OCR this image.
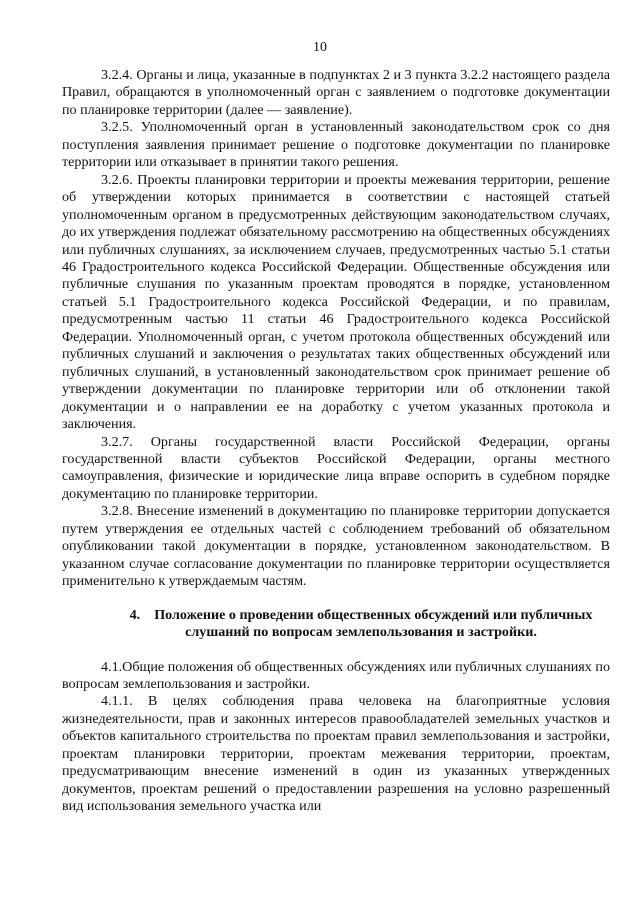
10

3.2.4. Органы и лица, указанные в подпунктах 2 и 3 пункта 3.2.2 настоящего раздела Правил, обращаются в уполномоченный орган с заявлением о подготовке документации по планировке территории (далее — заявление).

3.2.5. Уполномоченный орган в установленный законодательством срок со дня поступления заявления принимает решение о подготовке документации по планировке территории или отказывает в принятии такого решения.

3.2.6. Проекты планировки территории и проекты межевания территории, решение об утверждении которых принимается в соответствии с настоящей статьей уполномоченным органом в предусмотренных действующим законодательством случаях, до их утверждения подлежат обязательному рассмотрению на общественных обсуждениях или публичных слушаниях, за исключением случаев, предусмотренных частью 5.1 статьи 46 Градостроительного кодекса Российской Федерации. Общественные обсуждения или публичные слушания по указанным проектам проводятся в порядке, установленном статьей 5.1 Градостроительного кодекса Российской Федерации, и по правилам, предусмотренным частью 11 статьи 46 Градостроительного кодекса Российской Федерации. Уполномоченный орган, с учетом протокола общественных обсуждений или публичных слушаний и заключения о результатах таких общественных обсуждений или публичных слушаний, в установленный законодательством срок принимает решение об утверждении документации по планировке территории или об отклонении такой документации и о направлении ее на доработку с учетом указанных протокола и заключения.

3.2.7. Органы государственной власти Российской Федерации, органы государственной власти субъектов Российской Федерации, органы местного самоуправления, физические и юридические лица вправе оспорить в судебном порядке документацию по планировке территории.

3.2.8. Внесение изменений в документацию по планировке территории допускается путем утверждения ее отдельных частей с соблюдением требований об обязательном опубликовании такой документации в порядке, установленном законодательством. В указанном случае согласование документации по планировке территории осуществляется применительно к утверждаемым частям.

4. Положение о проведении общественных обсуждений или публичных слушаний по вопросам землепользования и застройки.

4.1.Общие положения об общественных обсуждениях или публичных слушаниях по вопросам землепользования и застройки.

4.1.1. В целях соблюдения права человека на благоприятные условия жизнедеятельности, прав и законных интересов правообладателей земельных участков и объектов капитального строительства по проектам правил землепользования и застройки, проектам планировки территории, проектам межевания территории, проектам, предусматривающим внесение изменений в один из указанных утвержденных документов, проектам решений о предоставлении разрешения на условно разрешенный вид использования земельного участка или
